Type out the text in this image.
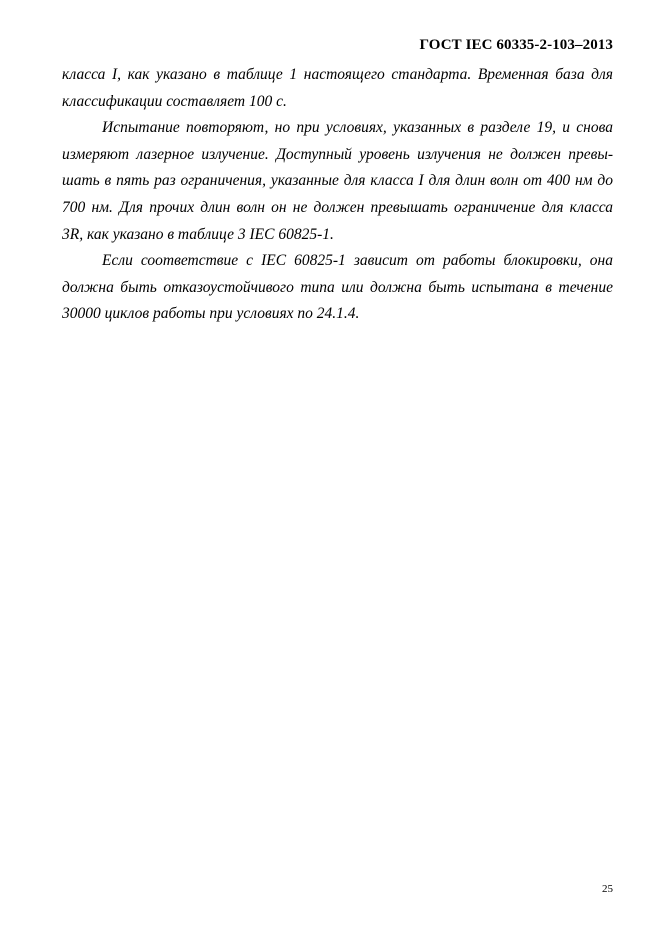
ГОСТ IEC 60335-2-103–2013
класса I, как указано в таблице 1 настоящего стандарта. Временная база для
классификации составляет 100 с.
Испытание повторяют, но при условиях, указанных в разделе 19, и снова
измеряют лазерное излучение. Доступный уровень излучения не должен превы-
шать в пять раз ограничения, указанные для класса I для длин волн от 400 нм до
700 нм. Для прочих длин волн он не должен превышать ограничение для класса
3R, как указано в таблице 3 IEC 60825-1.
Если соответствие с IEC 60825-1 зависит от работы блокировки, она
должна быть отказоустойчивого типа или должна быть испытана в течение
30000 циклов работы при условиях по 24.1.4.
25
